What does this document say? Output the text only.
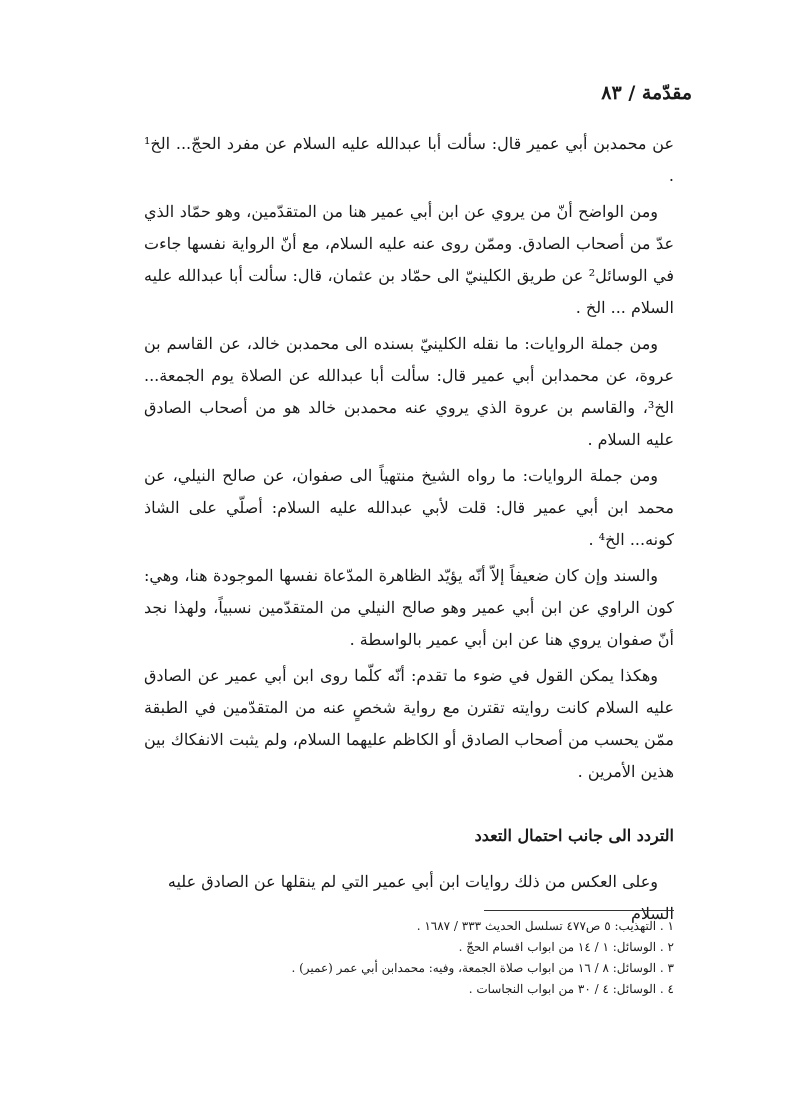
مقدّمة / ٨٣

عن محمدبن أبي عمير قال: سألت أبا عبدالله عليه السلام عن مفرد الحجّ... الخ¹ .

ومن الواضح أنّ من يروي عن ابن أبي عمير هنا من المتقدّمين، وهو حمّاد الذي عدّ من أصحاب الصادق. وممّن روى عنه عليه السلام، مع أنّ الرواية نفسها جاءت في الوسائل² عن طريق الكلينيّ الى حمّاد بن عثمان، قال: سألت أبا عبدالله عليه السلام ... الخ .

ومن جملة الروايات: ما نقله الكلينيّ بسنده الى محمدبن خالد، عن القاسم بن عروة، عن محمدابن أبي عمير قال: سألت أبا عبدالله عن الصلاة يوم الجمعة... الخ³، والقاسم بن عروة الذي يروي عنه محمدبن خالد هو من أصحاب الصادق عليه السلام .

ومن جملة الروايات: ما رواه الشيخ منتهياً الى صفوان، عن صالح النيلي، عن محمد ابن أبي عمير قال: قلت لأبي عبدالله عليه السلام: أصلّي على الشاذ كونه... الخ⁴ .

والسند وإن كان ضعيفاً إلاّ أنّه يؤيّد الظاهرة المدّعاة نفسها الموجودة هنا، وهي: كون الراوي عن ابن أبي عمير وهو صالح النيلي من المتقدّمين نسبياً، ولهذا نجد أنّ صفوان يروي هنا عن ابن أبي عمير بالواسطة .

وهكذا يمكن القول في ضوء ما تقدم: أنّه كلّما روى ابن أبي عمير عن الصادق عليه السلام كانت روايته تقترن مع رواية شخصٍ عنه من المتقدّمين في الطبقة ممّن يحسب من أصحاب الصادق أو الكاظم عليهما السلام، ولم يثبت الانفكاك بين هذين الأمرين .

التردد الى جانب احتمال التعدد
وعلى العكس من ذلك روايات ابن أبي عمير التي لم ينقلها عن الصادق عليه السلام
١ . التهذيب: ٥ ص٤٧٧ تسلسل الحديث ٣٣٣ / ١٦٨٧ .
٢ . الوسائل: ١ / ١٤ من ابواب اقسام الحجّ .
٣ . الوسائل: ٨ / ١٦ من ابواب صلاة الجمعة، وفيه: محمدابن أبي عمر (عمير) .
٤ . الوسائل: ٤ / ٣٠ من ابواب النجاسات .
